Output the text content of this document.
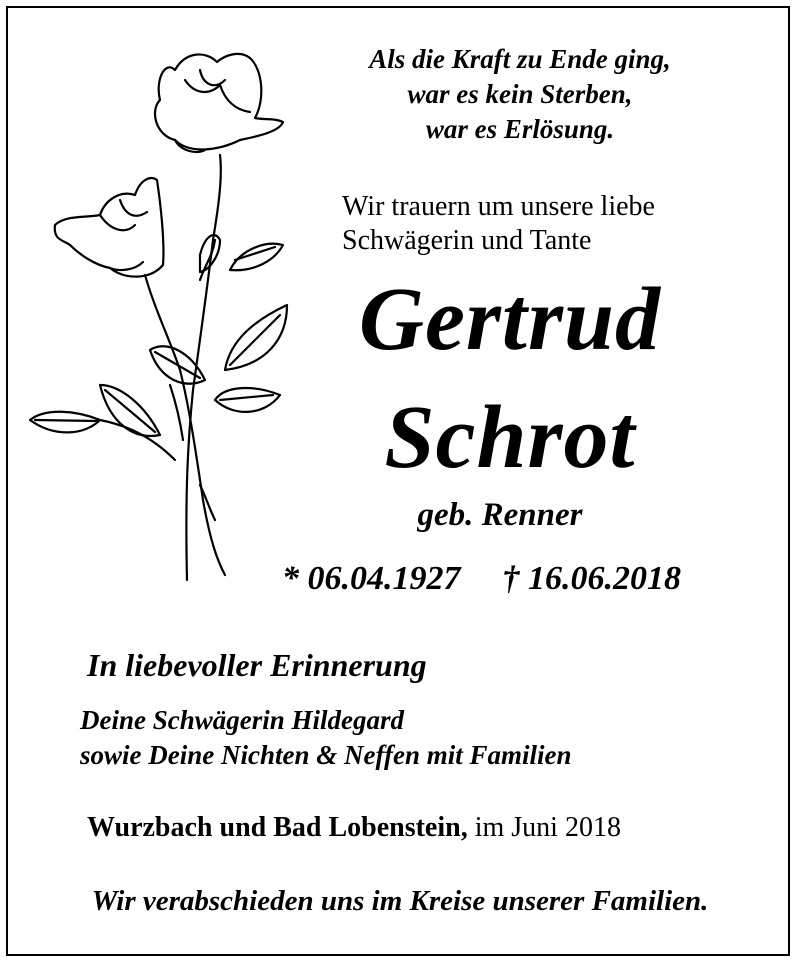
Als die Kraft zu Ende ging,
war es kein Sterben,
war es Erlösung.
Wir trauern um unsere liebe
Schwägerin und Tante
Gertrud
Schrot
geb. Renner
* 06.04.1927 † 16.06.2018
In liebevoller Erinnerung
Deine Schwägerin Hildegard
sowie Deine Nichten & Neffen mit Familien
Wurzbach und Bad Lobenstein, im Juni 2018
Wir verabschieden uns im Kreise unserer Familien.
